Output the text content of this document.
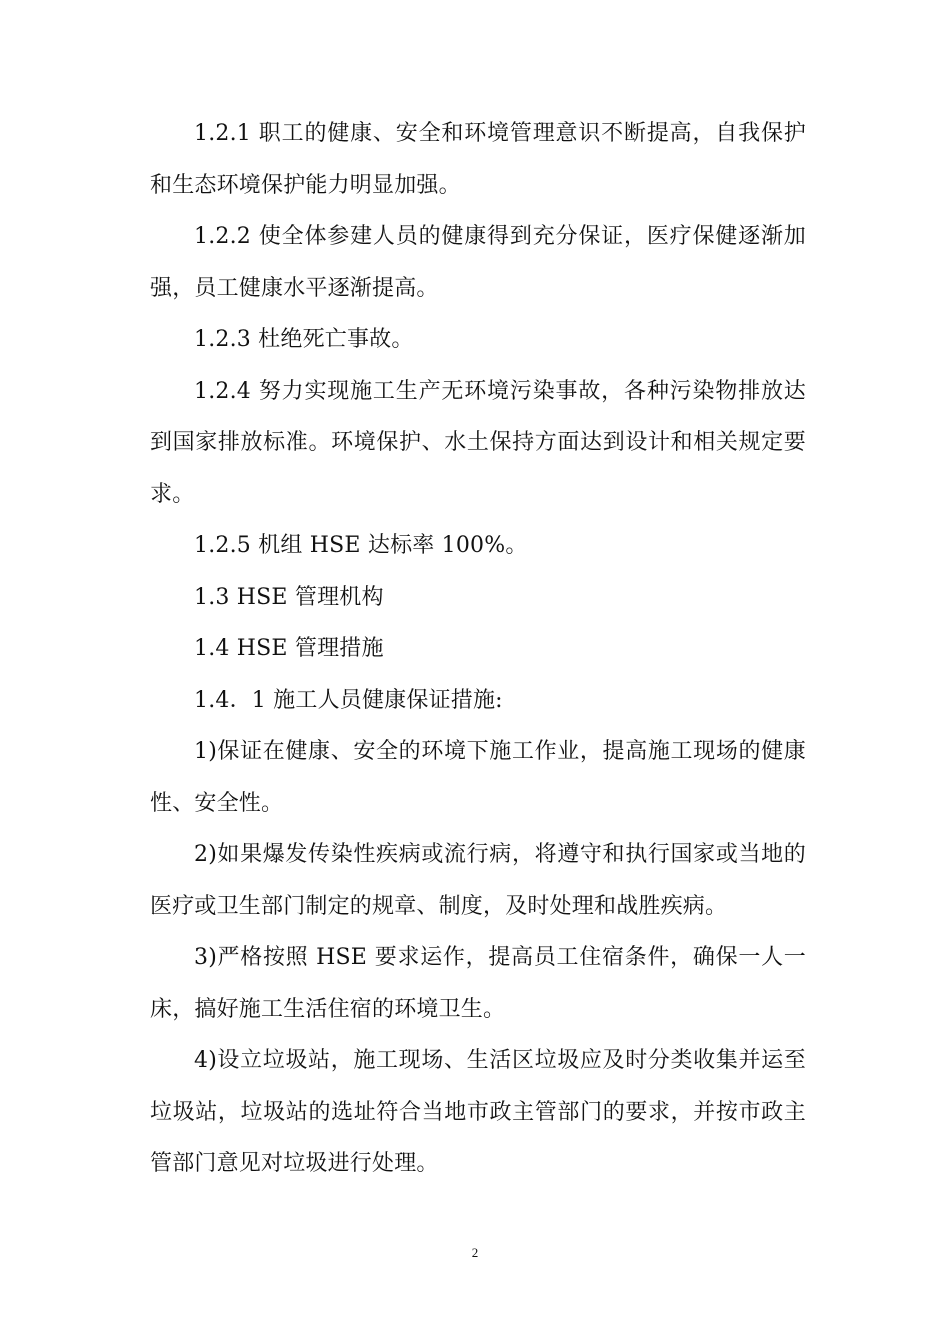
1.2.1 职工的健康、安全和环境管理意识不断提高，自我保护和生态环境保护能力明显加强。

1.2.2 使全体参建人员的健康得到充分保证，医疗保健逐渐加强，员工健康水平逐渐提高。

1.2.3 杜绝死亡事故。

1.2.4 努力实现施工生产无环境污染事故，各种污染物排放达到国家排放标准。环境保护、水土保持方面达到设计和相关规定要求。

1.2.5 机组 HSE 达标率 100%。

1.3 HSE 管理机构

1.4 HSE 管理措施

1.4．1 施工人员健康保证措施:

1)保证在健康、安全的环境下施工作业，提高施工现场的健康性、安全性。

2)如果爆发传染性疾病或流行病，将遵守和执行国家或当地的医疗或卫生部门制定的规章、制度，及时处理和战胜疾病。

3)严格按照 HSE 要求运作，提高员工住宿条件，确保一人一床，搞好施工生活住宿的环境卫生。

4)设立垃圾站，施工现场、生活区垃圾应及时分类收集并运至垃圾站，垃圾站的选址符合当地市政主管部门的要求，并按市政主管部门意见对垃圾进行处理。

2
